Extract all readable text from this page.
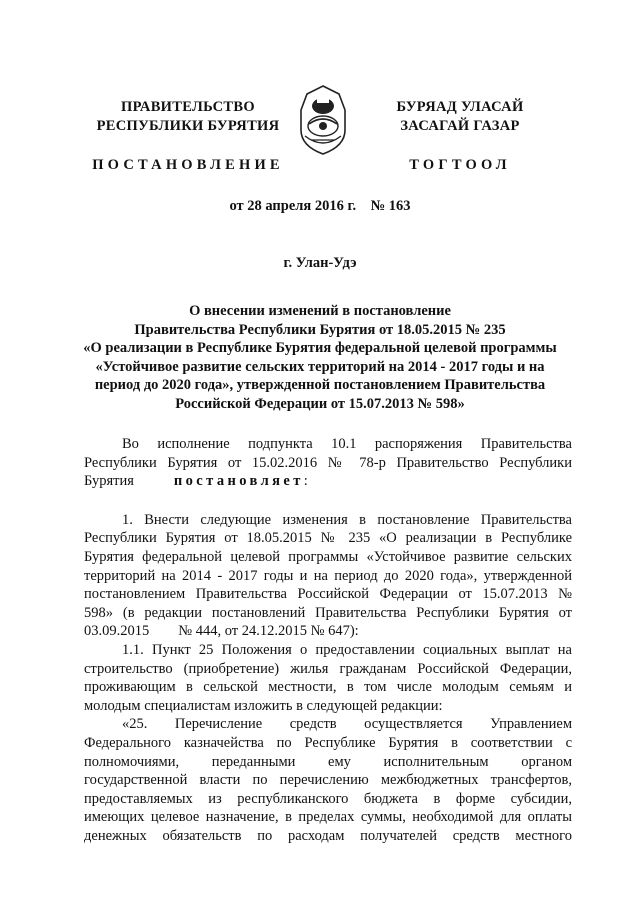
ПРАВИТЕЛЬСТВО
РЕСПУБЛИКИ БУРЯТИЯ
ПОСТАНОВЛЕНИЕ
БУРЯАД УЛАСАЙ
ЗАСАГАЙ ГАЗАР
ТОГТООЛ
от 28 апреля 2016 г.    № 163
г. Улан-Удэ
О внесении изменений в постановление
Правительства Республики Бурятия от 18.05.2015 № 235
«О реализации в Республике Бурятия федеральной целевой программы
«Устойчивое развитие сельских территорий на 2014 - 2017 годы и на
период до 2020 года», утвержденной постановлением Правительства
Российской Федерации от 15.07.2013 № 598»
Во исполнение подпункта 10.1 распоряжения Правительства
Республики Бурятия от 15.02.2016 № 78-р Правительство Республики
Бурятия	постановляет:
1. Внести следующие изменения в постановление Правительства
Республики Бурятия от 18.05.2015 № 235 «О реализации в Республике
Бурятия федеральной целевой программы «Устойчивое развитие сельских
территорий на 2014 - 2017 годы и на период до 2020 года», утвержденной
постановлением Правительства Российской Федерации от 15.07.2013 №
598» (в редакции постановлений Правительства Республики Бурятия от
03.09.2015        № 444, от 24.12.2015 № 647):
1.1. Пункт 25 Положения о предоставлении социальных выплат на
строительство (приобретение) жилья гражданам Российской Федерации,
проживающим в сельской местности, в том числе молодым семьям и
молодым специалистам изложить в следующей редакции:
«25. Перечисление средств осуществляется Управлением
Федерального казначейства по Республике Бурятия в соответствии с
полномочиями, переданными ему исполнительным органом
государственной власти по перечислению межбюджетных трансфертов,
предоставляемых из республиканского бюджета в форме субсидии,
имеющих целевое назначение, в пределах суммы, необходимой для оплаты
денежных обязательств по расходам получателей средств местного
